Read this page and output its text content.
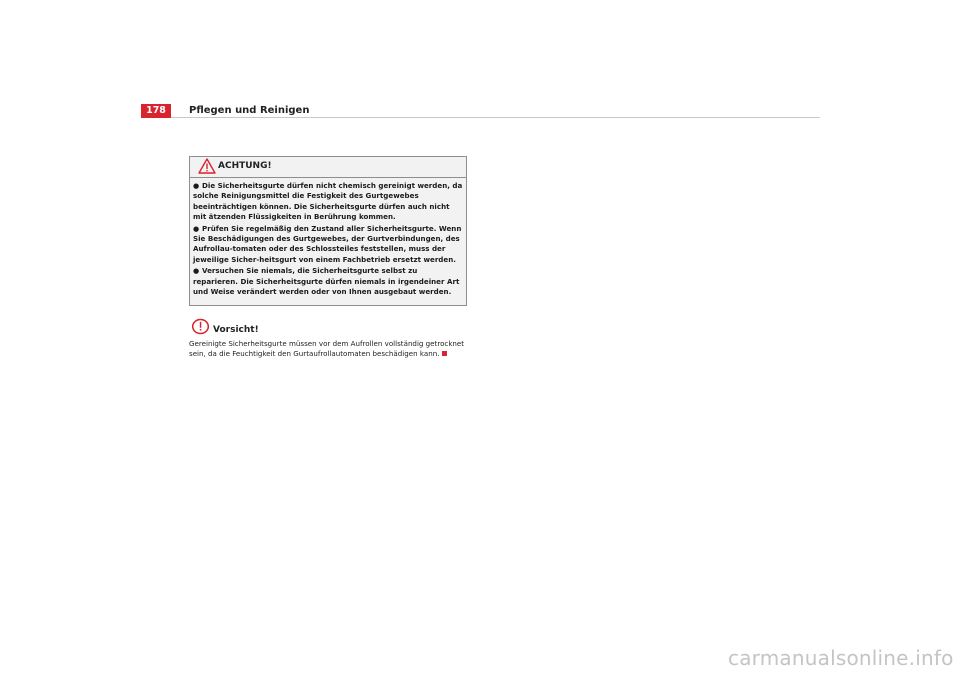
178	Pflegen und Reinigen
ACHTUNG!

● Die Sicherheitsgurte dürfen nicht chemisch gereinigt werden, da solche Reinigungsmittel die Festigkeit des Gurtgewebes beeinträchtigen können. Die Sicherheitsgurte dürfen auch nicht mit ätzenden Flüssigkeiten in Berührung kommen.

● Prüfen Sie regelmäßig den Zustand aller Sicherheitsgurte. Wenn Sie Beschädigungen des Gurtgewebes, der Gurtverbindungen, des Aufrollau-tomaten oder des Schlossteiles feststellen, muss der jeweilige Sicher-heitsgurt von einem Fachbetrieb ersetzt werden.

● Versuchen Sie niemals, die Sicherheitsgurte selbst zu reparieren. Die Sicherheitsgurte dürfen niemals in irgendeiner Art und Weise verändert werden oder von Ihnen ausgebaut werden.

Vorsicht!
Gereinigte Sicherheitsgurte müssen vor dem Aufrollen vollständig getrocknet sein, da die Feuchtigkeit den Gurtaufrollautomaten beschädigen kann.
carmanualsonline.info
